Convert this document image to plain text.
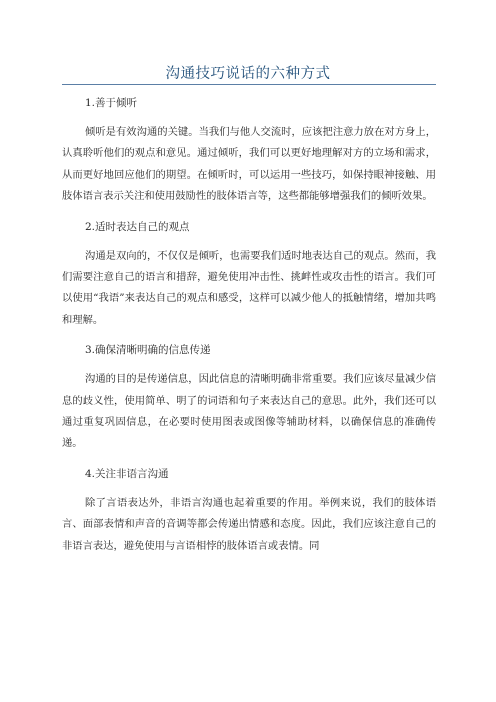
沟通技巧说话的六种方式

1.善于倾听

倾听是有效沟通的关键。当我们与他人交流时，应该把注意力放在对方身上，认真聆听他们的观点和意见。通过倾听，我们可以更好地理解对方的立场和需求，从而更好地回应他们的期望。在倾听时，可以运用一些技巧，如保持眼神接触、用肢体语言表示关注和使用鼓励性的肢体语言等，这些都能够增强我们的倾听效果。

2.适时表达自己的观点

沟通是双向的，不仅仅是倾听，也需要我们适时地表达自己的观点。然而，我们需要注意自己的语言和措辞，避免使用冲击性、挑衅性或攻击性的语言。我们可以使用“我语”来表达自己的观点和感受，这样可以减少他人的抵触情绪，增加共鸣和理解。

3.确保清晰明确的信息传递

沟通的目的是传递信息，因此信息的清晰明确非常重要。我们应该尽量减少信息的歧义性，使用简单、明了的词语和句子来表达自己的意思。此外，我们还可以通过重复巩固信息，在必要时使用图表或图像等辅助材料，以确保信息的准确传递。

4.关注非语言沟通

除了言语表达外，非语言沟通也起着重要的作用。举例来说，我们的肢体语言、面部表情和声音的音调等都会传递出情感和态度。因此，我们应该注意自己的非语言表达，避免使用与言语相悖的肢体语言或表情。同
